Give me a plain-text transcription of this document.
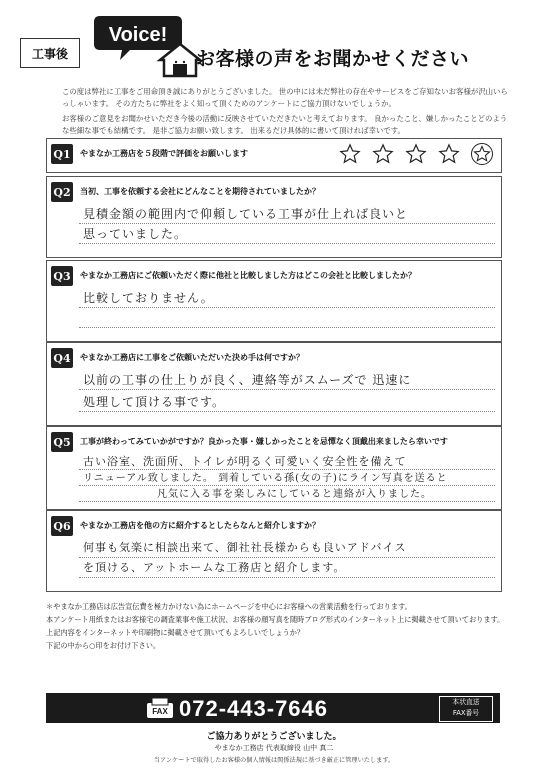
工事後
Voice!
お客様の声をお聞かせください

この度は弊社に工事をご用命頂き誠にありがとうございました。 世の中には未だ弊社の存在やサービスをご存知ないお客様が沢山いらっしゃいます。 その方たちに弊社をよく知って頂くためのアンケートにご協力頂けないでしょうか。

お客様のご意見をお聞かせいただき今後の活動に反映させていただきたいと考えております。 良かったこと、嫌しかったことどのような些細な事でも結構です。 是非ご協力お願い致します。 出来るだけ具体的に書いて頂ければ幸いです。

Q1 やまなか工務店を５段階で評価をお願いします
Q2 当初、工事を依頼する会社にどんなことを期待されていましたか？
見積金額の範囲内で仰頼している工事が仕上れば良いと
思っていました。
Q3 やまなか工務店にご依頼いただく際に他社と比較しました方はどこの会社と比較しましたか？
比較しておりません。
Q4 やまなか工務店に工事をご依頼いただいた決め手は何ですか？
以前の工事の仕上りが良く、連絡等がスムーズで 迅速に
処理して頂ける事です。
Q5 工事が終わってみていかがですか？良かった事・嫌しかったことを忌憚なく頂戴出来ましたら幸いです
古い浴室、洗面所、トイレが明るく可愛いく安全性を備えて
リニューアル致しました。 到着している孫(女の子)にライン写真を送ると
凡気に入る事を楽しみにしていると連絡が入りました。
Q6 やまなか工務店を他の方に紹介するとしたらなんと紹介しますか？
何事も気楽に相談出来て、御社社長様からも良いアドバイス
を頂ける、アットホームな工務店と紹介します。
＊やまなか工務店は広告宣伝費を極力かけない為にホームページを中心にお客様への営業活動を行っております。
本アンケート用紙またはお客様宅の調査業事や施工状況、お客様の顔写真を随時ブログ形式のインターネット上に掲載させて頂いております。
上記内容をインターネットや印刷物に掲載させて頂いてもよろしいでしょうか？
下記の中から○印をお付け下さい。
FAX 072-443-7646	本状直送
FAX番号
ご協力ありがとうございました。
やまなか工務店 代表取締役 山中 真二
当アンケートで取得したお客様の個人情報は関係法規に基づき厳正に管理いたします。
